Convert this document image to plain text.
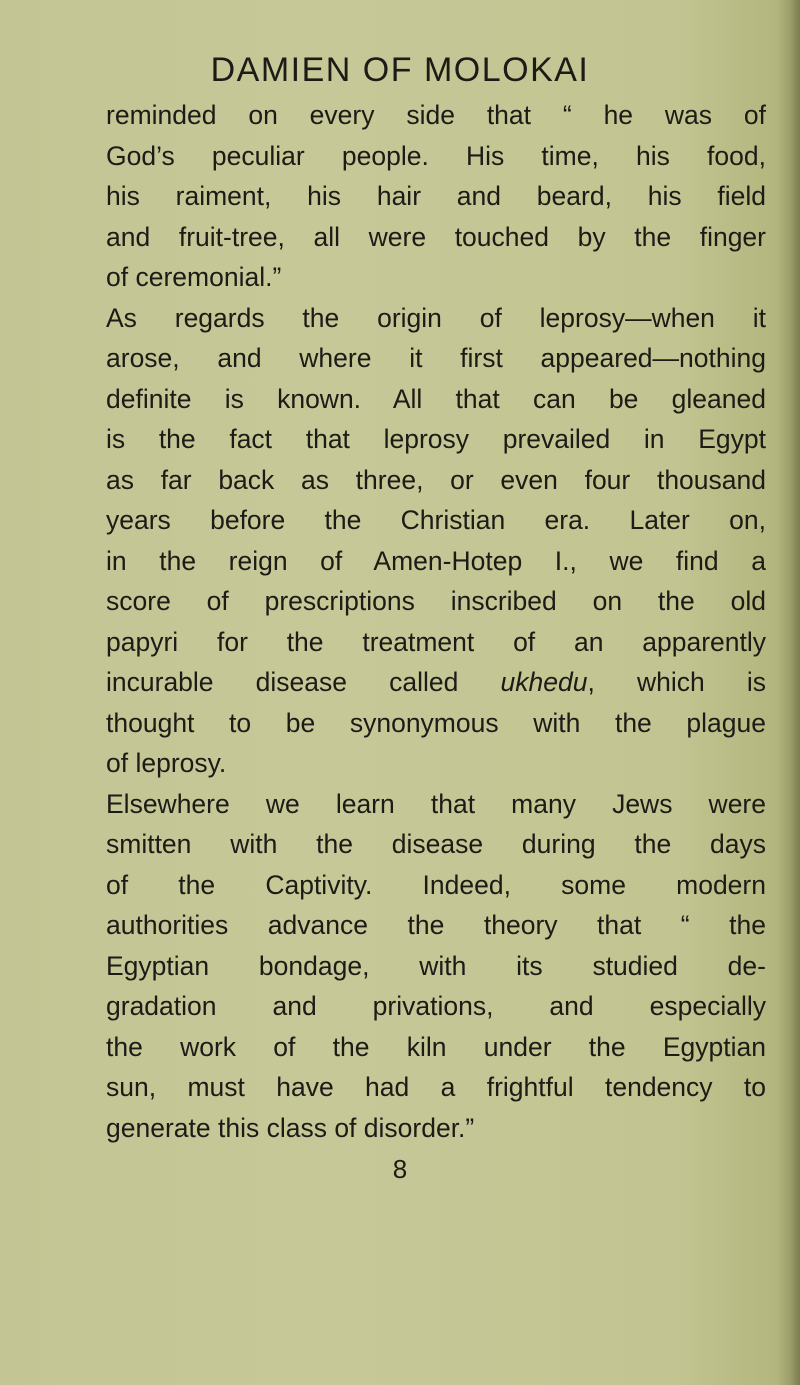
DAMIEN OF MOLOKAI
reminded on every side that “ he was of
God’s peculiar people. His time, his food,
his raiment, his hair and beard, his field
and fruit-tree, all were touched by the finger
of ceremonial.”
As regards the origin of leprosy—when it
arose, and where it first appeared—nothing
definite is known. All that can be gleaned
is the fact that leprosy prevailed in Egypt
as far back as three, or even four thousand
years before the Christian era. Later on,
in the reign of Amen-Hotep I., we find a
score of prescriptions inscribed on the old
papyri for the treatment of an apparently
incurable disease called ukhedu, which is
thought to be synonymous with the plague
of leprosy.
Elsewhere we learn that many Jews were
smitten with the disease during the days
of the Captivity. Indeed, some modern
authorities advance the theory that “ the
Egyptian bondage, with its studied de-
gradation and privations, and especially
the work of the kiln under the Egyptian
sun, must have had a frightful tendency to
generate this class of disorder.”
8
